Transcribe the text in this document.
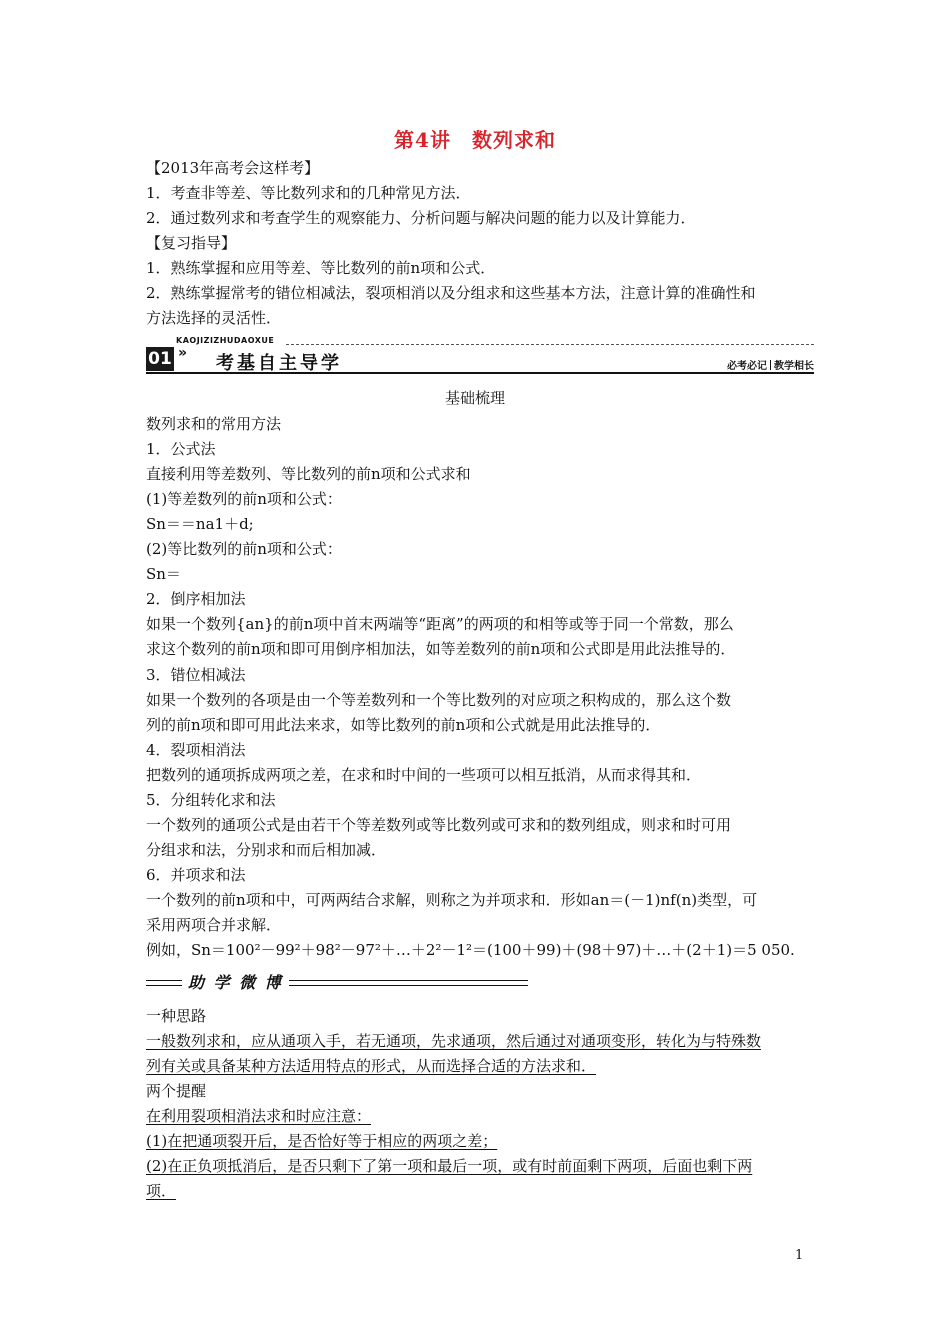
第4讲　数列求和
【2013年高考会这样考】
1．考查非等差、等比数列求和的几种常见方法．
2．通过数列求和考查学生的观察能力、分析问题与解决问题的能力以及计算能力．
【复习指导】
1．熟练掌握和应用等差、等比数列的前n项和公式．
2．熟练掌握常考的错位相减法，裂项相消以及分组求和这些基本方法，注意计算的准确性和
方法选择的灵活性．
KAOJIZIZHUDAOXUE
01 » 考基自主导学	必考必记 教学相长
基础梳理
数列求和的常用方法
1．公式法
直接利用等差数列、等比数列的前n项和公式求和
(1)等差数列的前n项和公式：
Sn＝＝na1＋d;
(2)等比数列的前n项和公式：
Sn＝
2．倒序相加法
如果一个数列{an}的前n项中首末两端等“距离”的两项的和相等或等于同一个常数，那么
求这个数列的前n项和即可用倒序相加法，如等差数列的前n项和公式即是用此法推导的．
3．错位相减法
如果一个数列的各项是由一个等差数列和一个等比数列的对应项之积构成的，那么这个数
列的前n项和即可用此法来求，如等比数列的前n项和公式就是用此法推导的．
4．裂项相消法
把数列的通项拆成两项之差，在求和时中间的一些项可以相互抵消，从而求得其和．
5．分组转化求和法
一个数列的通项公式是由若干个等差数列或等比数列或可求和的数列组成，则求和时可用
分组求和法，分别求和而后相加减．
6．并项求和法
一个数列的前n项和中，可两两结合求解，则称之为并项求和．形如an＝(－1)nf(n)类型，可
采用两项合并求解．
例如，Sn＝100²－99²＋98²－97²＋…＋2²－1²＝(100＋99)＋(98＋97)＋…＋(2＋1)＝5 050.
助 学 微 博
一种思路
一般数列求和，应从通项入手，若无通项，先求通项，然后通过对通项变形，转化为与特殊数
列有关或具备某种方法适用特点的形式，从而选择合适的方法求和．
两个提醒
在利用裂项相消法求和时应注意：
(1)在把通项裂开后，是否恰好等于相应的两项之差；
(2)在正负项抵消后，是否只剩下了第一项和最后一项，或有时前面剩下两项，后面也剩下两
项．
1
